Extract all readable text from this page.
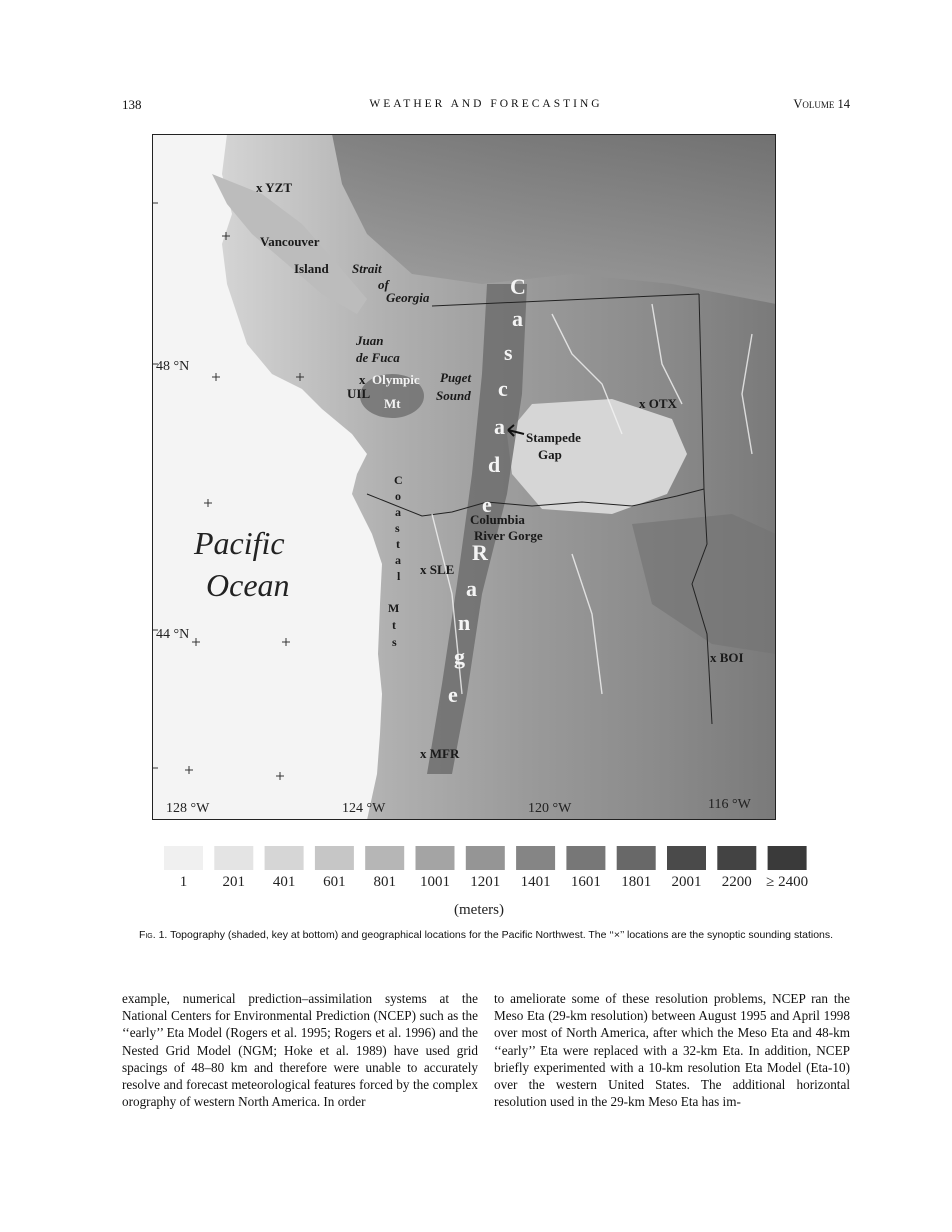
138	WEATHER AND FORECASTING	Volume 14
Pacific
Ocean
48 °N
44 °N
128 °W	124 °W	120 °W	116 °W
x YZT
x
UIL
x OTX
x SLE
x BOI
x MFR
Vancouver
Island Strait
of
Georgia
Juan
de Fuca
Olympic
Mt
Puget
Sound
Stampede
Gap
Columbia
River Gorge
C
a
s
c
a
d
e
R
a
n
g
e
C
o
a
s
t
a
l
M
t
s
1 201 401 601 801 1001 1201 1401 1601 1801 2001 2200 ≥ 2400
(meters)
Fig. 1. Topography (shaded, key at bottom) and geographical locations for the Pacific Northwest. The ‘‘×’’ locations are the synoptic sounding stations.
example, numerical prediction–assimilation systems at the National Centers for Environmental Prediction (NCEP) such as the ‘‘early’’ Eta Model (Rogers et al. 1995; Rogers et al. 1996) and the Nested Grid Model (NGM; Hoke et al. 1989) have used grid spacings of 48–80 km and therefore were unable to accurately resolve and forecast meteorological features forced by the complex orography of western North America. In order
to ameliorate some of these resolution problems, NCEP ran the Meso Eta (29-km resolution) between August 1995 and April 1998 over most of North America, after which the Meso Eta and 48-km ‘‘early’’ Eta were replaced with a 32-km Eta. In addition, NCEP briefly experimented with a 10-km resolution Eta Model (Eta-10) over the western United States. The additional horizontal resolution used in the 29-km Meso Eta has im-
